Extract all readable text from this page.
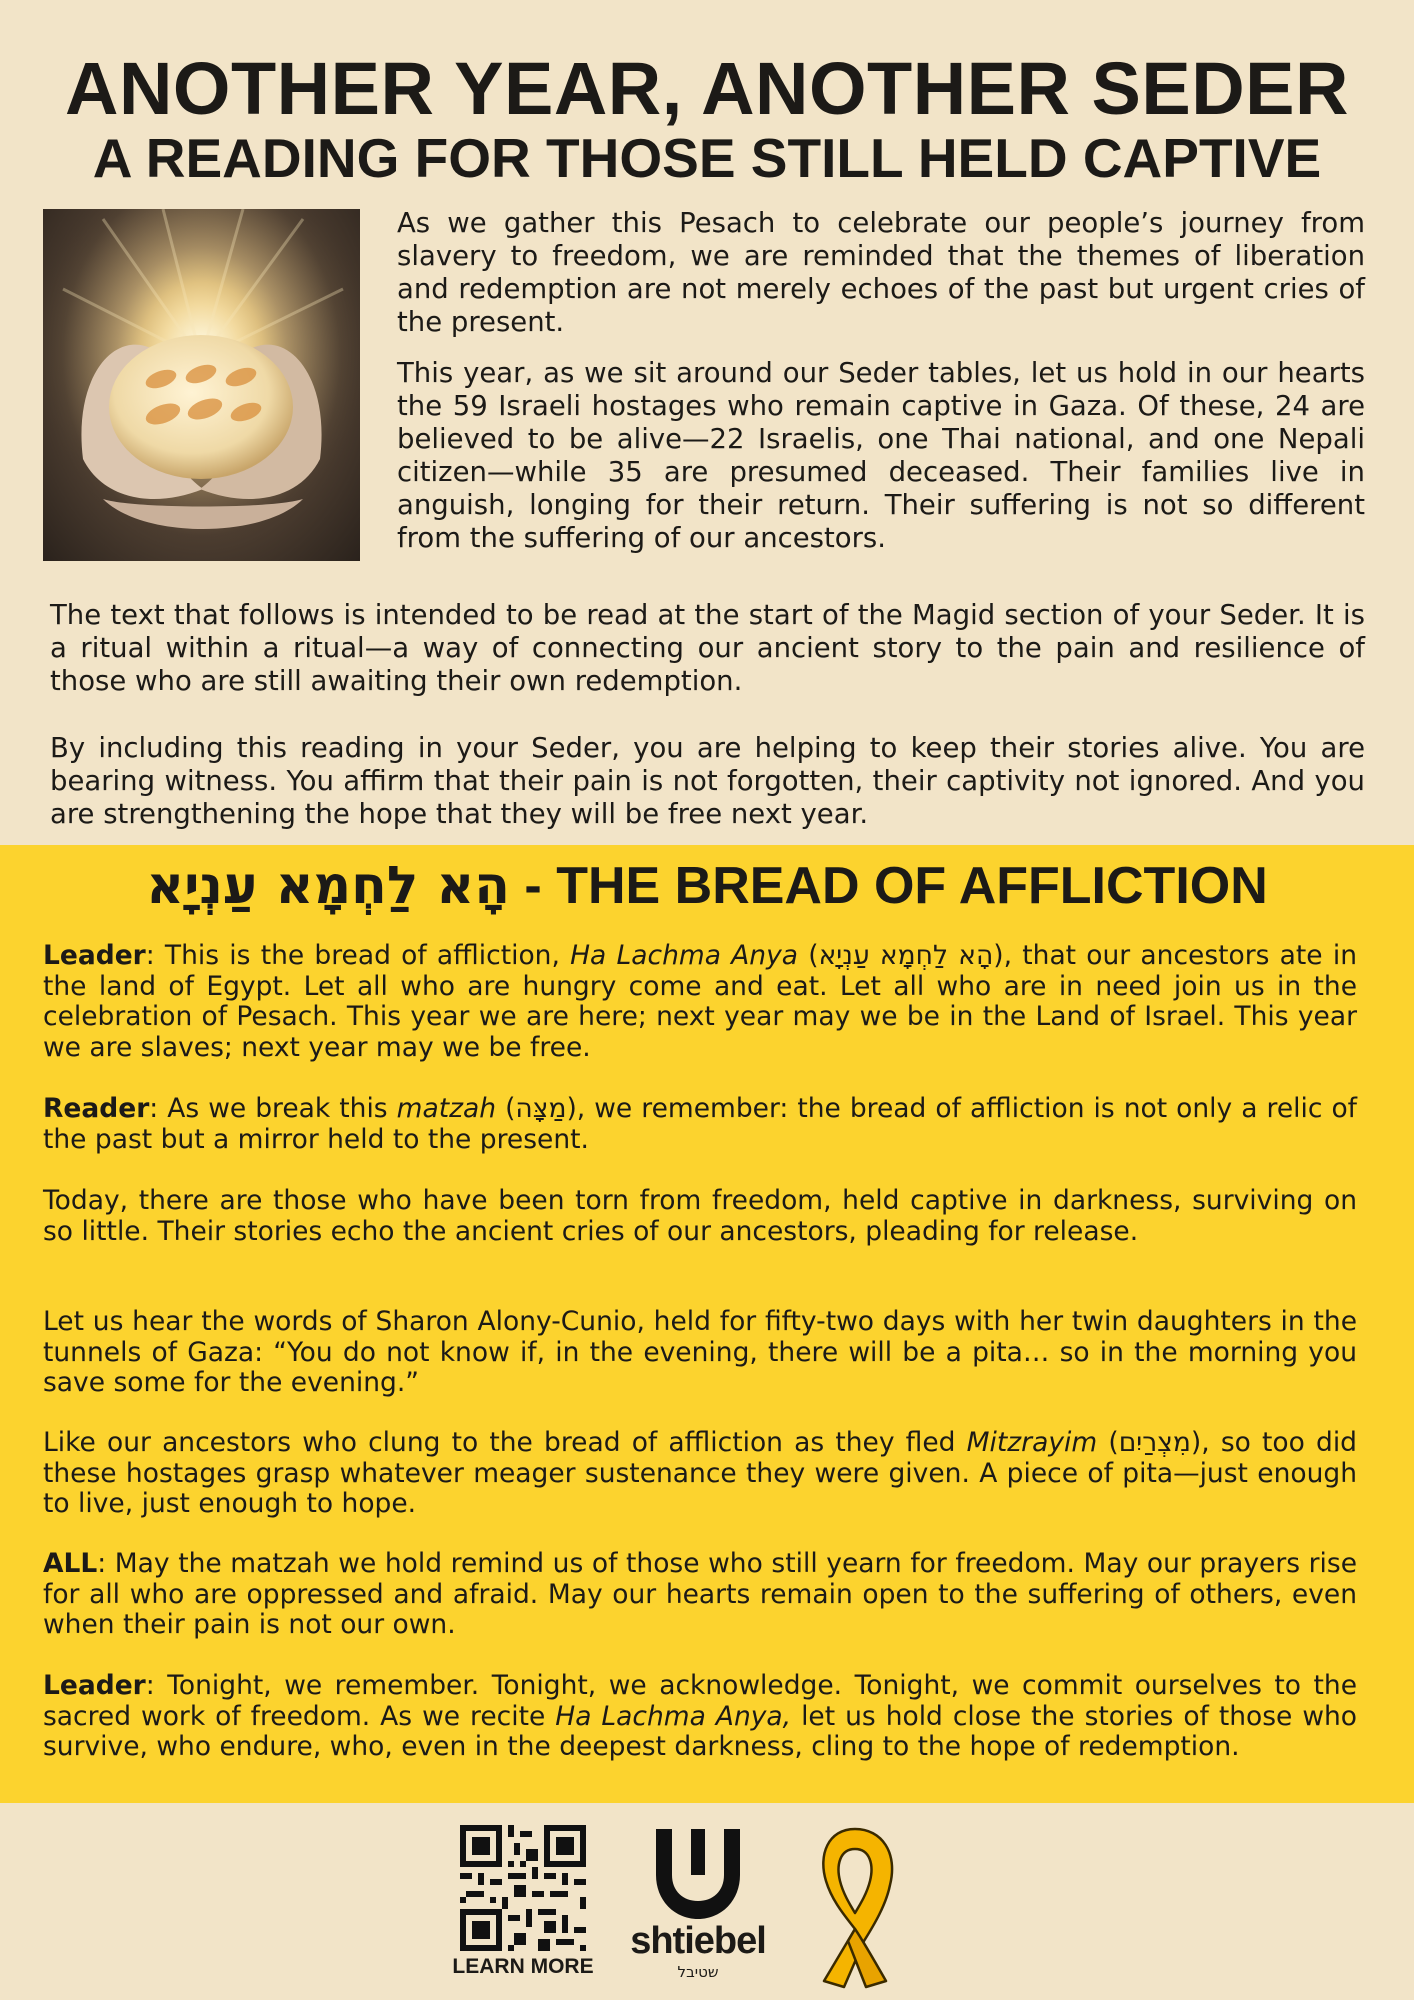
ANOTHER YEAR, ANOTHER SEDER
A READING FOR THOSE STILL HELD CAPTIVE

As we gather this Pesach to celebrate our people’s journey from slavery to freedom, we are reminded that the themes of liberation and redemption are not merely echoes of the past but urgent cries of the present.

This year, as we sit around our Seder tables, let us hold in our hearts the 59 Israeli hostages who remain captive in Gaza. Of these, 24 are believed to be alive—22 Israelis, one Thai national, and one Nepali citizen—while 35 are presumed deceased. Their families live in anguish, longing for their return. Their suffering is not so different from the suffering of our ancestors.

The text that follows is intended to be read at the start of the Magid section of your Seder. It is a ritual within a ritual—a way of connecting our ancient story to the pain and resilience of those who are still awaiting their own redemption.

By including this reading in your Seder, you are helping to keep their stories alive. You are bearing witness. You affirm that their pain is not forgotten, their captivity not ignored. And you are strengthening the hope that they will be free next year.

הָא לַחְמָא עַנְיָא - THE BREAD OF AFFLICTION

Leader: This is the bread of affliction, Ha Lachma Anya (הָא לַחְמָא עַנְיָא), that our ancestors ate in the land of Egypt. Let all who are hungry come and eat. Let all who are in need join us in the celebration of Pesach. This year we are here; next year may we be in the Land of Israel. This year we are slaves; next year may we be free.

Reader: As we break this matzah (מַצָּה), we remember: the bread of affliction is not only a relic of the past but a mirror held to the present.

Today, there are those who have been torn from freedom, held captive in darkness, surviving on so little. Their stories echo the ancient cries of our ancestors, pleading for release.

Let us hear the words of Sharon Alony-Cunio, held for fifty-two days with her twin daughters in the tunnels of Gaza: “You do not know if, in the evening, there will be a pita… so in the morning you save some for the evening.”

Like our ancestors who clung to the bread of affliction as they fled Mitzrayim (מִצְרַיִם), so too did these hostages grasp whatever meager sustenance they were given. A piece of pita—just enough to live, just enough to hope.

ALL: May the matzah we hold remind us of those who still yearn for freedom. May our prayers rise for all who are oppressed and afraid. May our hearts remain open to the suffering of others, even when their pain is not our own.

Leader: Tonight, we remember. Tonight, we acknowledge. Tonight, we commit ourselves to the sacred work of freedom. As we recite Ha Lachma Anya, let us hold close the stories of those who survive, who endure, who, even in the deepest darkness, cling to the hope of redemption.

LEARN MORE
shtiebel
שטיבל
